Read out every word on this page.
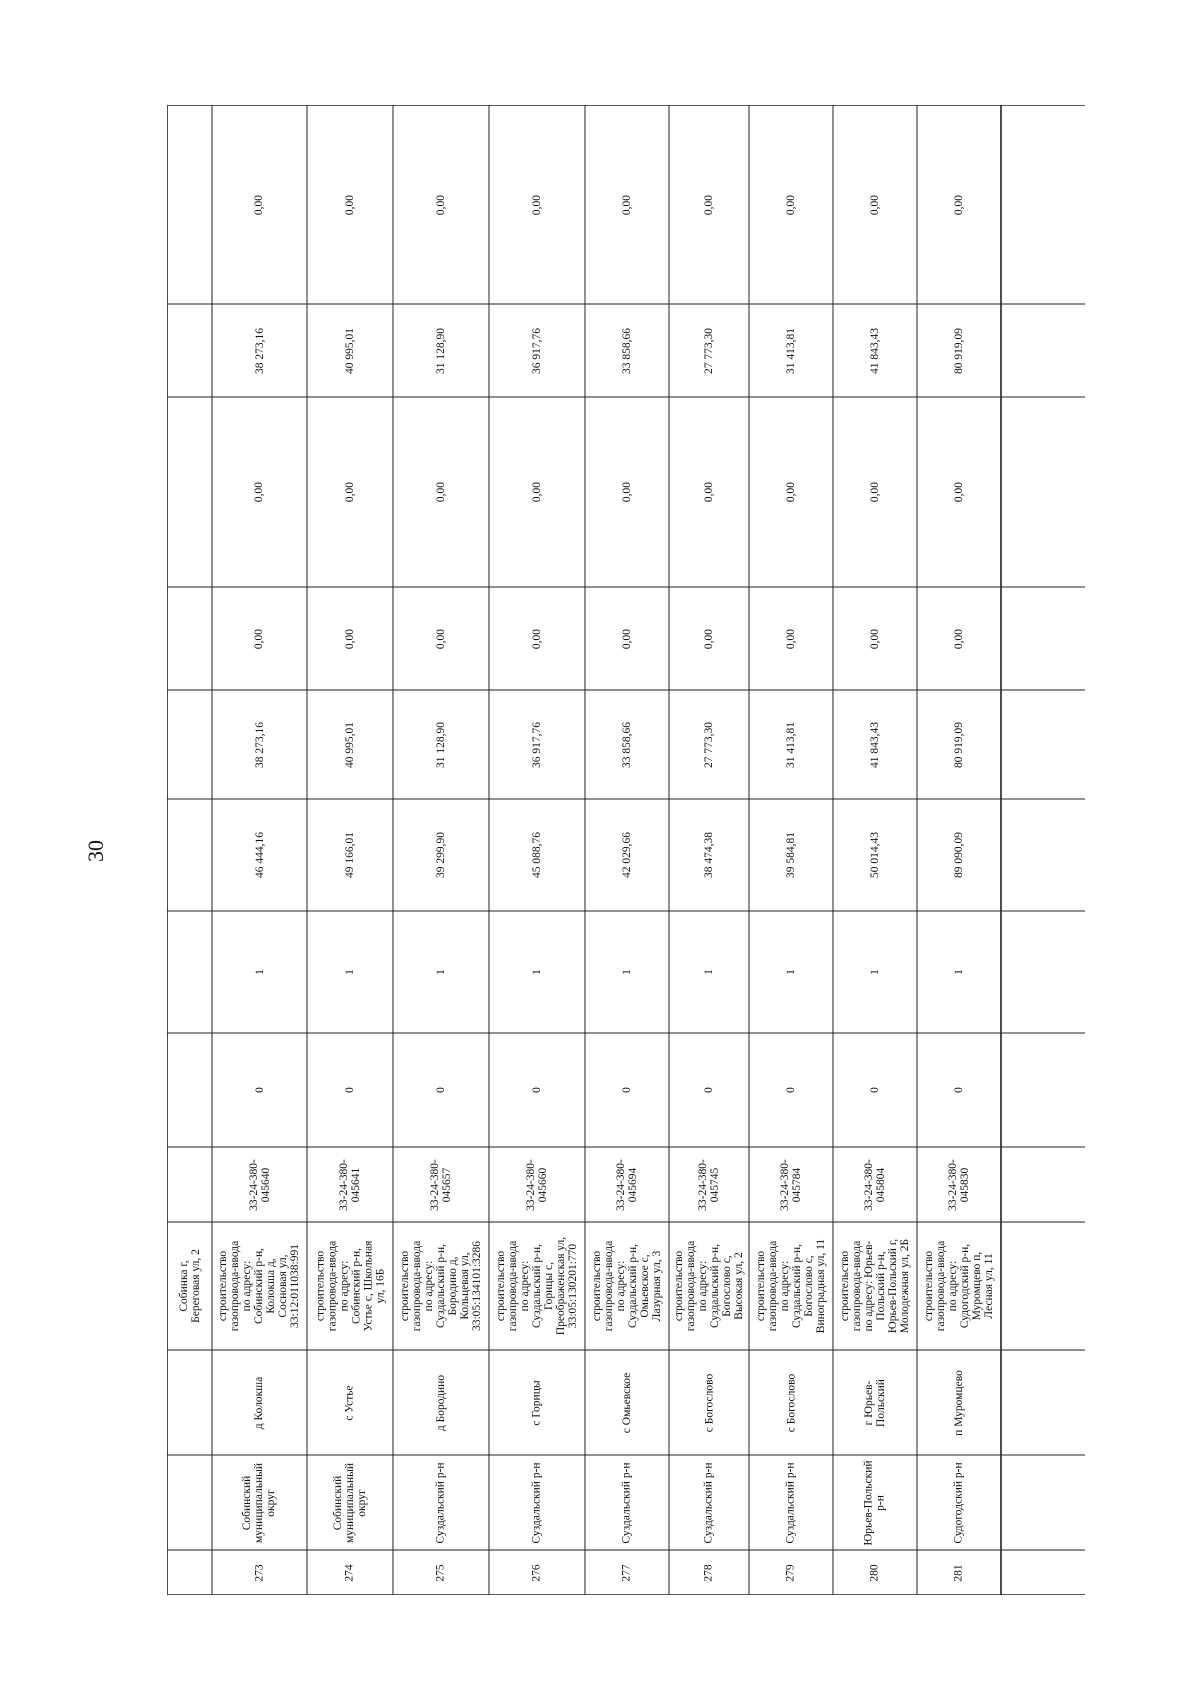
30
Собинка г, Береговая ул, 2
273
Собинский муниципальный округ
д Колокша
строительство газопровода-ввода по адресу: Собинский р-н, Колокша д, Сосновая ул, 33:12:011038:991
33-24-380- 045640
0
1
46 444,16
38 273,16
0,00
0,00
38 273,16
0,00
274
Собинский муниципальный округ
с Устье
строительство газопровода-ввода по адресу: Собинский р-н, Устье с, Школьная ул, 16Б
33-24-380- 045641
0
1
49 166,01
40 995,01
0,00
0,00
40 995,01
0,00
275
Суздальский р-н
д Бородино
строительство газопровода-ввода по адресу: Суздальский р-н, Бородино д, Кольцевая ул, 33:05:134101:3286
33-24-380- 045657
0
1
39 299,90
31 128,90
0,00
0,00
31 128,90
0,00
276
Суздальский р-н
с Горицы
строительство газопровода-ввода по адресу: Суздальский р-н, Горицы с, Преображенская ул, 33:05:130201:770
33-24-380- 045660
0
1
45 088,76
36 917,76
0,00
0,00
36 917,76
0,00
277
Суздальский р-н
с Омьевское
строительство газопровода-ввода по адресу: Суздальский р-н, Омьевское с, Лазурная ул, 3
33-24-380- 045694
0
1
42 029,66
33 858,66
0,00
0,00
33 858,66
0,00
278
Суздальский р-н
с Богослово
строительство газопровода-ввода по адресу: Суздальский р-н, Богослово с, Высокая ул, 2
33-24-380- 045745
0
1
38 474,38
27 773,30
0,00
0,00
27 773,30
0,00
279
Суздальский р-н
с Богослово
строительство газопровода-ввода по адресу: Суздальский р-н, Богослово с, Виноградная ул, 11
33-24-380- 045784
0
1
39 584,81
31 413,81
0,00
0,00
31 413,81
0,00
280
Юрьев-Польский р-н
г Юрьев- Польский
строительство газопровода-ввода по адресу: Юрьев- Польский р-н, Юрьев-Польский г, Молодежная ул, 2Б
33-24-380- 045804
0
1
50 014,43
41 843,43
0,00
0,00
41 843,43
0,00
281
Судогодский р-н
п Муромцево
строительство газопровода-ввода по адресу: Судогодский р-н, Муромцево п, Лесная ул, 11
33-24-380- 045830
0
1
89 090,09
80 919,09
0,00
0,00
80 919,09
0,00
